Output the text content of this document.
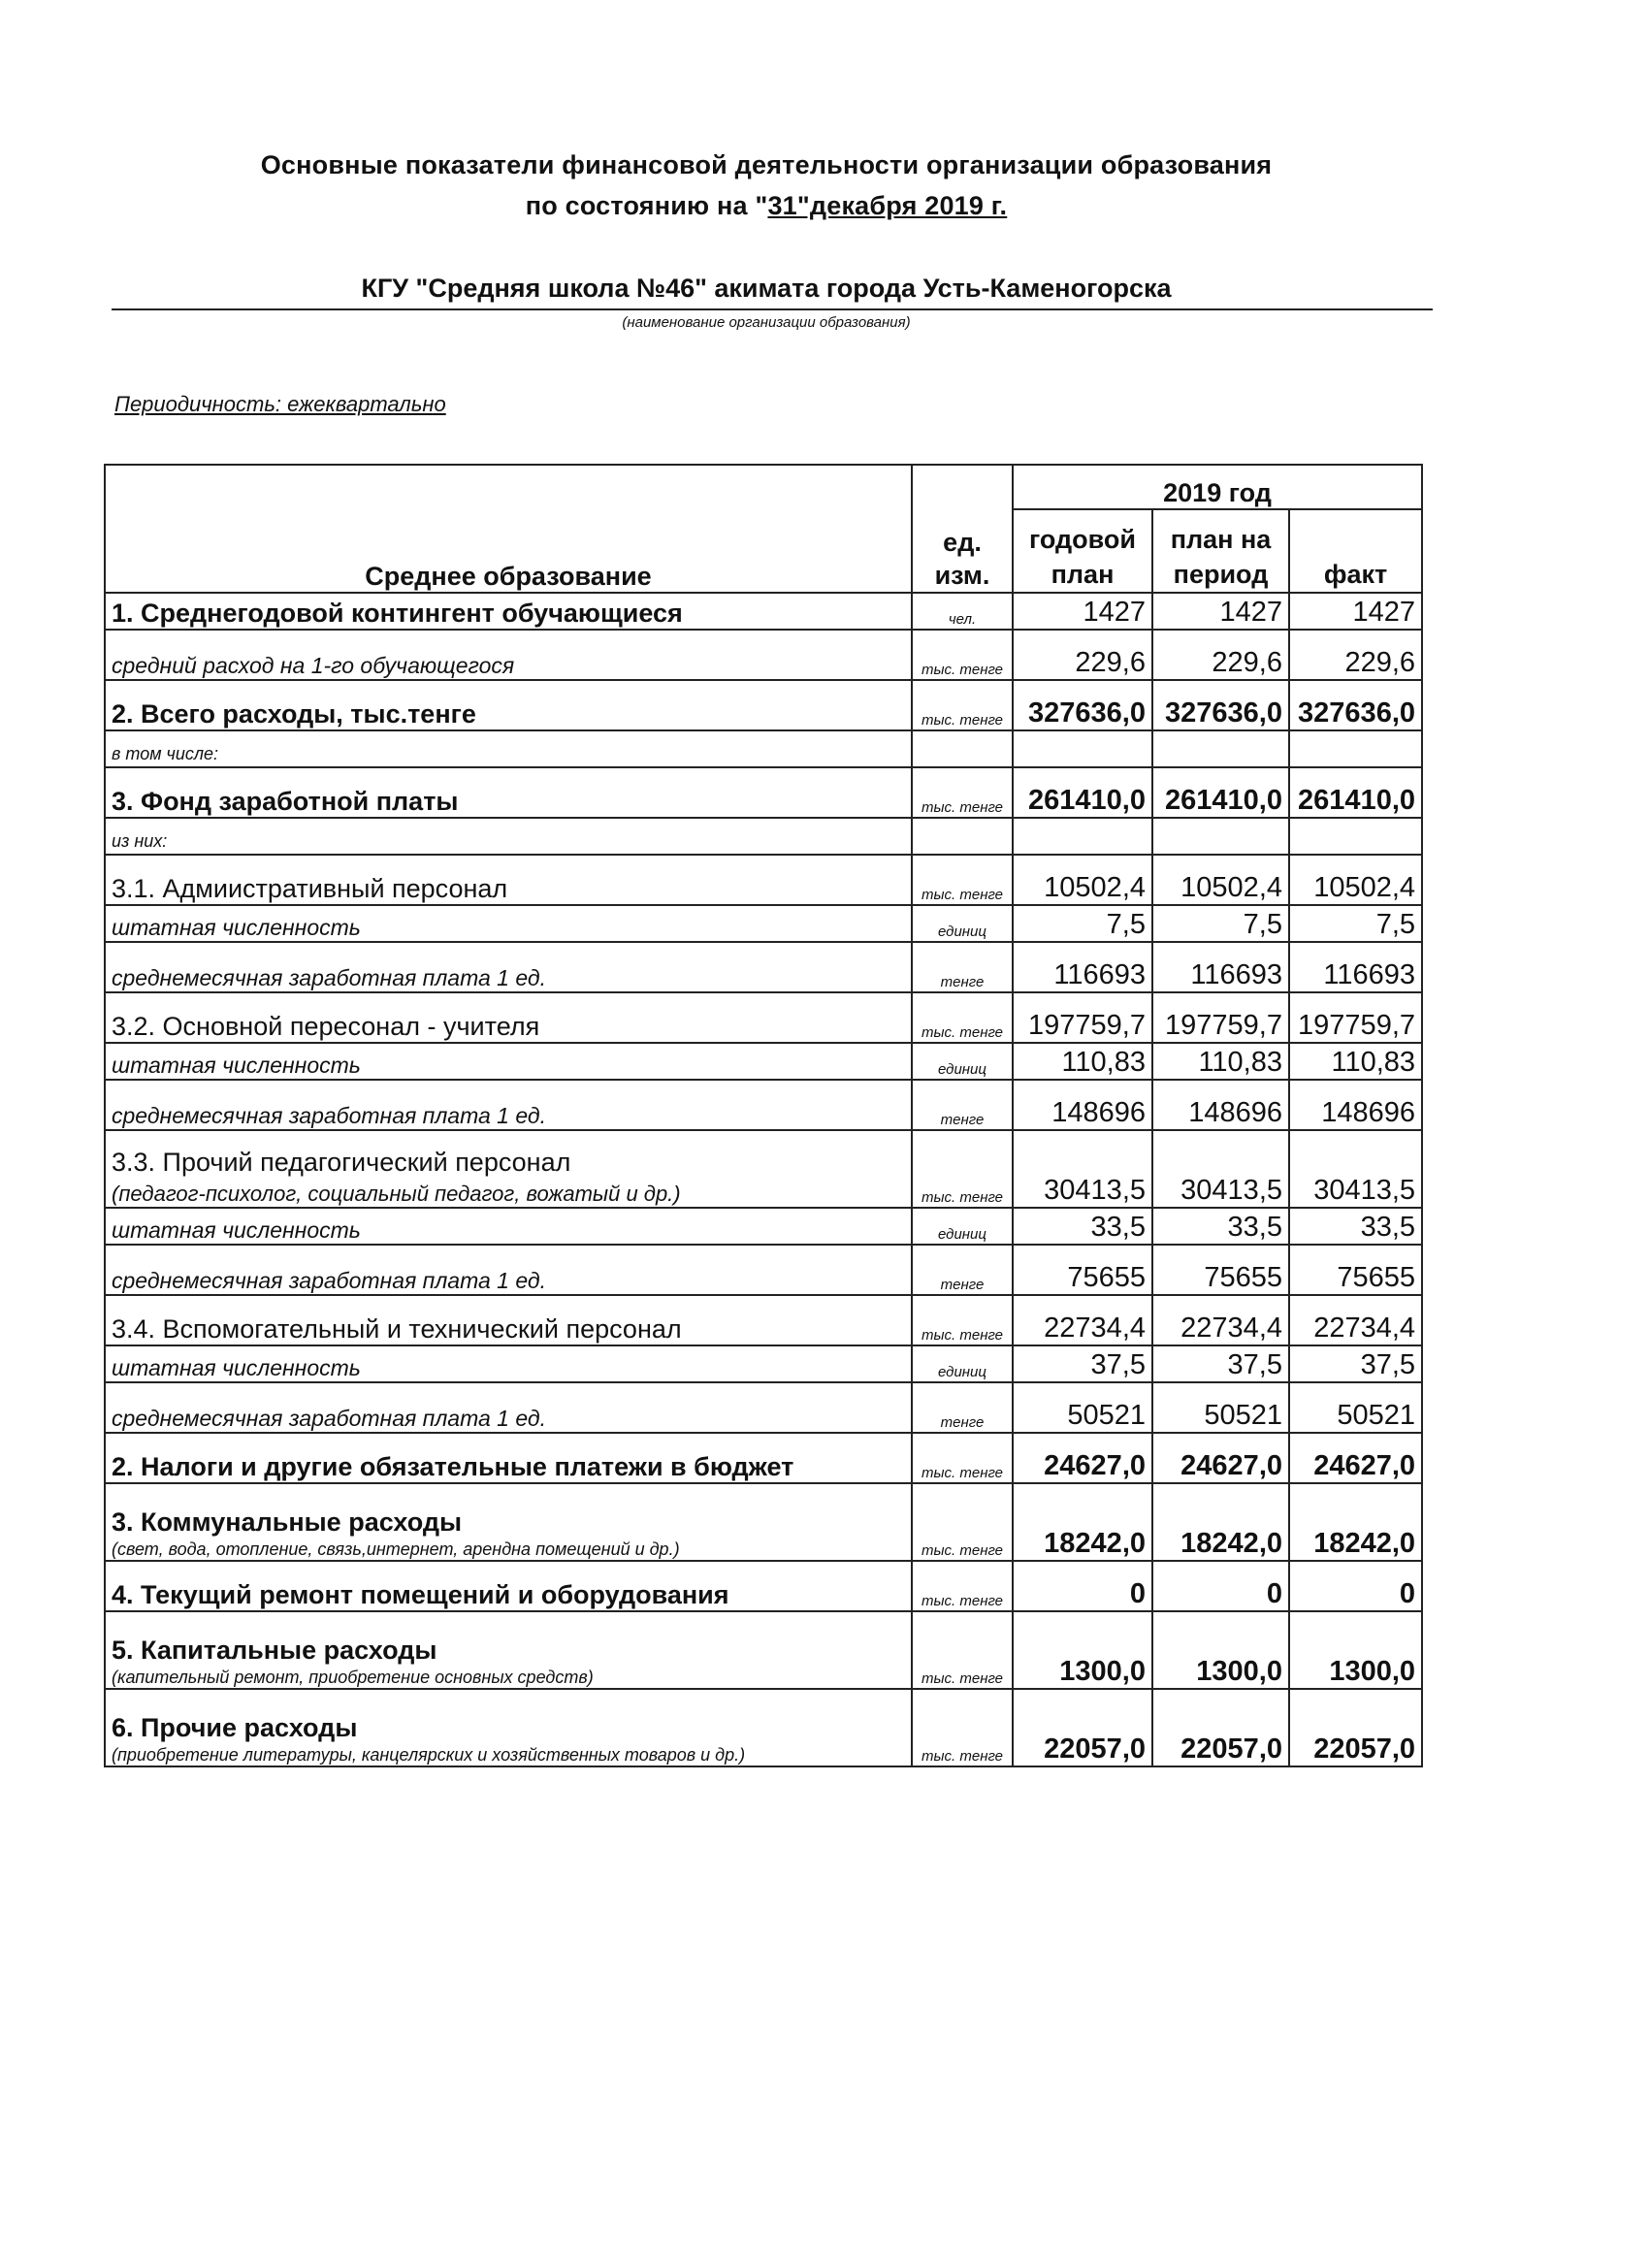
Основные показатели финансовой деятельности организации образования
по состоянию на "31"декабря 2019 г.
КГУ "Средняя школа №46" акимата города Усть-Каменогорска
(наименование организации образования)
Периодичность: ежеквартально
Среднее образование	ед. изм.	2019 год		
		годовой план	план на период	факт
1. Среднегодовой контингент обучающиеся	чел.	1427	1427	1427
средний расход на 1-го обучающегося	тыс. тенге	229,6	229,6	229,6
2. Всего расходы, тыс.тенге	тыс. тенге	327636,0	327636,0	327636,0
в том числе:				
3. Фонд заработной платы	тыс. тенге	261410,0	261410,0	261410,0
из них:				
3.1. Адмиистративный персонал	тыс. тенге	10502,4	10502,4	10502,4
штатная численность	единиц	7,5	7,5	7,5
среднемесячная заработная плата 1 ед.	тенге	116693	116693	116693
3.2. Основной пересонал - учителя	тыс. тенге	197759,7	197759,7	197759,7
штатная численность	единиц	110,83	110,83	110,83
среднемесячная заработная плата 1 ед.	тенге	148696	148696	148696
3.3. Прочий педагогический персонал
(педагог-психолог, социальный педагог, вожатый и др.)	тыс. тенге	30413,5	30413,5	30413,5
штатная численность	единиц	33,5	33,5	33,5
среднемесячная заработная плата 1 ед.	тенге	75655	75655	75655
3.4. Вспомогательный и технический персонал	тыс. тенге	22734,4	22734,4	22734,4
штатная численность	единиц	37,5	37,5	37,5
среднемесячная заработная плата 1 ед.	тенге	50521	50521	50521
2. Налоги и другие обязательные платежи в бюджет	тыс. тенге	24627,0	24627,0	24627,0
3. Коммунальные расходы
(свет, вода, отопление, связь,интернет, арендна помещений и др.)	тыс. тенге	18242,0	18242,0	18242,0
4. Текущий ремонт помещений и оборудования	тыс. тенге	0	0	0
5. Капитальные расходы
(капительный ремонт, приобретение основных средств)	тыс. тенге	1300,0	1300,0	1300,0
6. Прочие расходы
(приобретение литературы, канцелярских и хозяйственных товаров и др.)	тыс. тенге	22057,0	22057,0	22057,0
